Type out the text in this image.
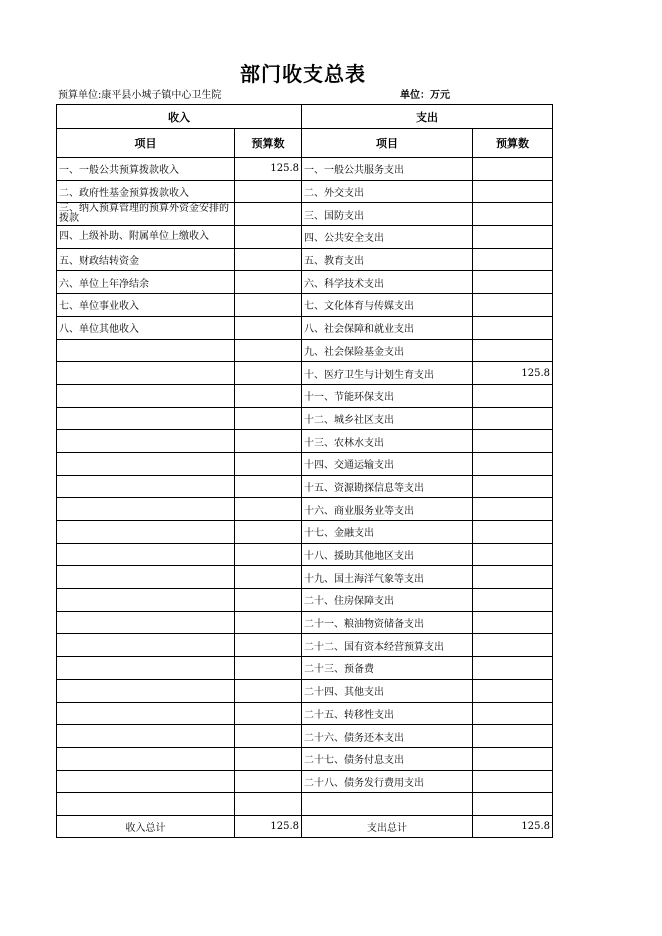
部门收支总表
预算单位:康平县小城子镇中心卫生院	单位：万元
收入		支出	
项目	预算数	项目	预算数
一、一般公共预算拨款收入	125.8	一、一般公共服务支出	
二、政府性基金预算拨款收入		二、外交支出	
三、纳入预算管理的预算外资金安排的拨款		三、国防支出	
四、上级补助、附属单位上缴收入		四、公共安全支出	
五、财政结转资金		五、教育支出	
六、单位上年净结余		六、科学技术支出	
七、单位事业收入		七、文化体育与传媒支出	
八、单位其他收入		八、社会保障和就业支出	
		九、社会保险基金支出	
		十、医疗卫生与计划生育支出	125.8
		十一、节能环保支出	
		十二、城乡社区支出	
		十三、农林水支出	
		十四、交通运输支出	
		十五、资源勘探信息等支出	
		十六、商业服务业等支出	
		十七、金融支出	
		十八、援助其他地区支出	
		十九、国土海洋气象等支出	
		二十、住房保障支出	
		二十一、粮油物资储备支出	
		二十二、国有资本经营预算支出	
		二十三、预备费	
		二十四、其他支出	
		二十五、转移性支出	
		二十六、债务还本支出	
		二十七、债务付息支出	
		二十八、债务发行费用支出	

收入总计	125.8	支出总计	125.8
